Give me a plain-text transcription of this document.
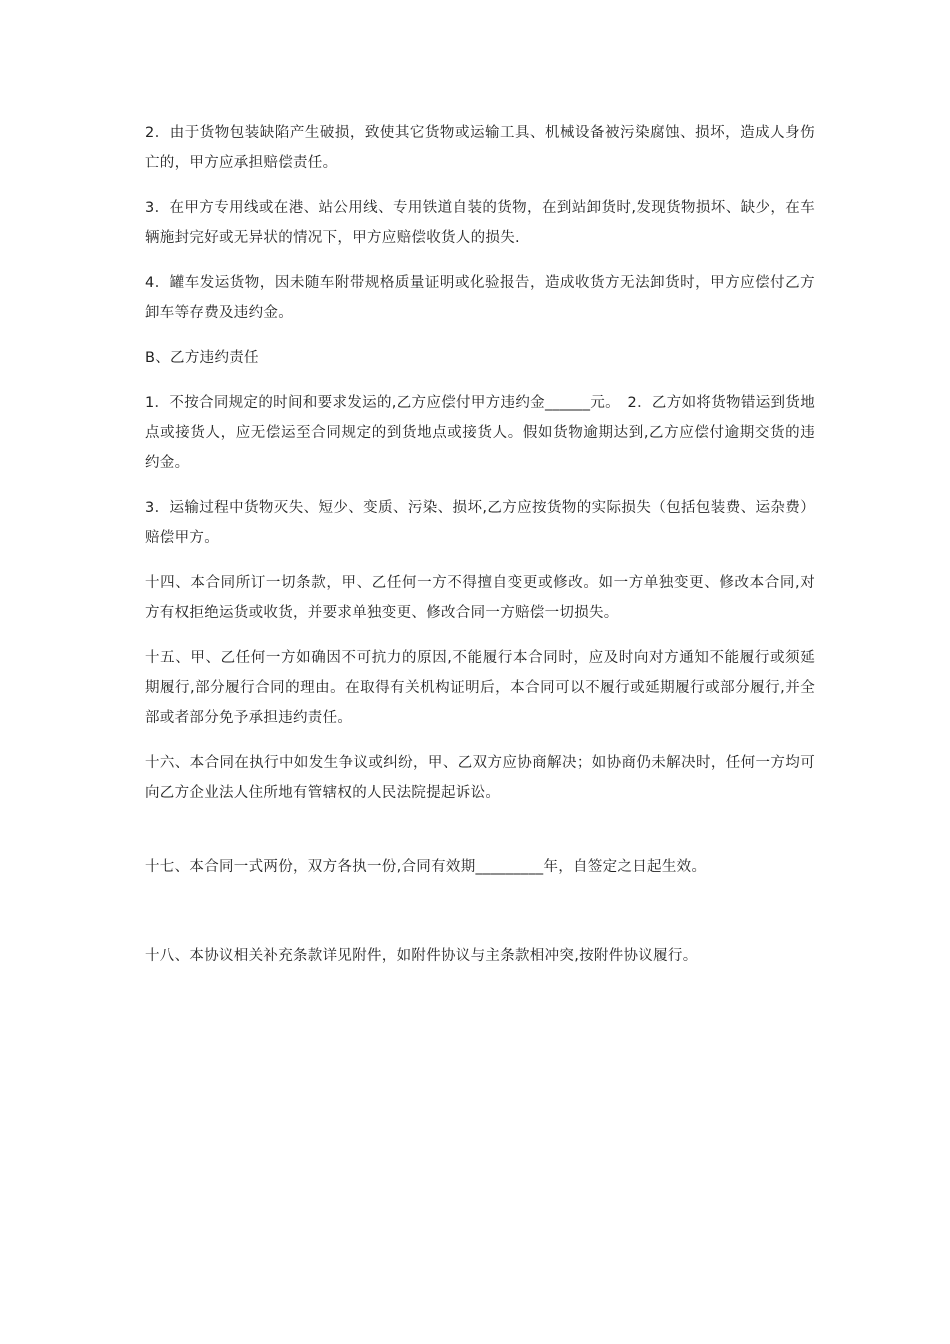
2．由于货物包装缺陷产生破损，致使其它货物或运输工具、机械设备被污染腐蚀、损坏，造成人身伤亡的，甲方应承担赔偿责任。

3．在甲方专用线或在港、站公用线、专用铁道自装的货物，在到站卸货时,发现货物损坏、缺少，在车辆施封完好或无异状的情况下，甲方应赔偿收货人的损失.

4．罐车发运货物，因未随车附带规格质量证明或化验报告，造成收货方无法卸货时，甲方应偿付乙方卸车等存费及违约金。

B、乙方违约责任

1．不按合同规定的时间和要求发运的,乙方应偿付甲方违约金______元。　2．乙方如将货物错运到货地点或接货人，应无偿运至合同规定的到货地点或接货人。假如货物逾期达到,乙方应偿付逾期交货的违约金。

3．运输过程中货物灭失、短少、变质、污染、损坏,乙方应按货物的实际损失（包括包装费、运杂费）赔偿甲方。

十四、本合同所订一切条款，甲、乙任何一方不得擅自变更或修改。如一方单独变更、修改本合同,对方有权拒绝运货或收货，并要求单独变更、修改合同一方赔偿一切损失。

十五、甲、乙任何一方如确因不可抗力的原因,不能履行本合同时，应及时向对方通知不能履行或须延期履行,部分履行合同的理由。在取得有关机构证明后，本合同可以不履行或延期履行或部分履行,并全部或者部分免予承担违约责任。

十六、本合同在执行中如发生争议或纠纷，甲、乙双方应协商解决；如协商仍未解决时，任何一方均可向乙方企业法人住所地有管辖权的人民法院提起诉讼。

十七、本合同一式两份，双方各执一份,合同有效期_________年，自签定之日起生效。

十八、本协议相关补充条款详见附件，如附件协议与主条款相冲突,按附件协议履行。
